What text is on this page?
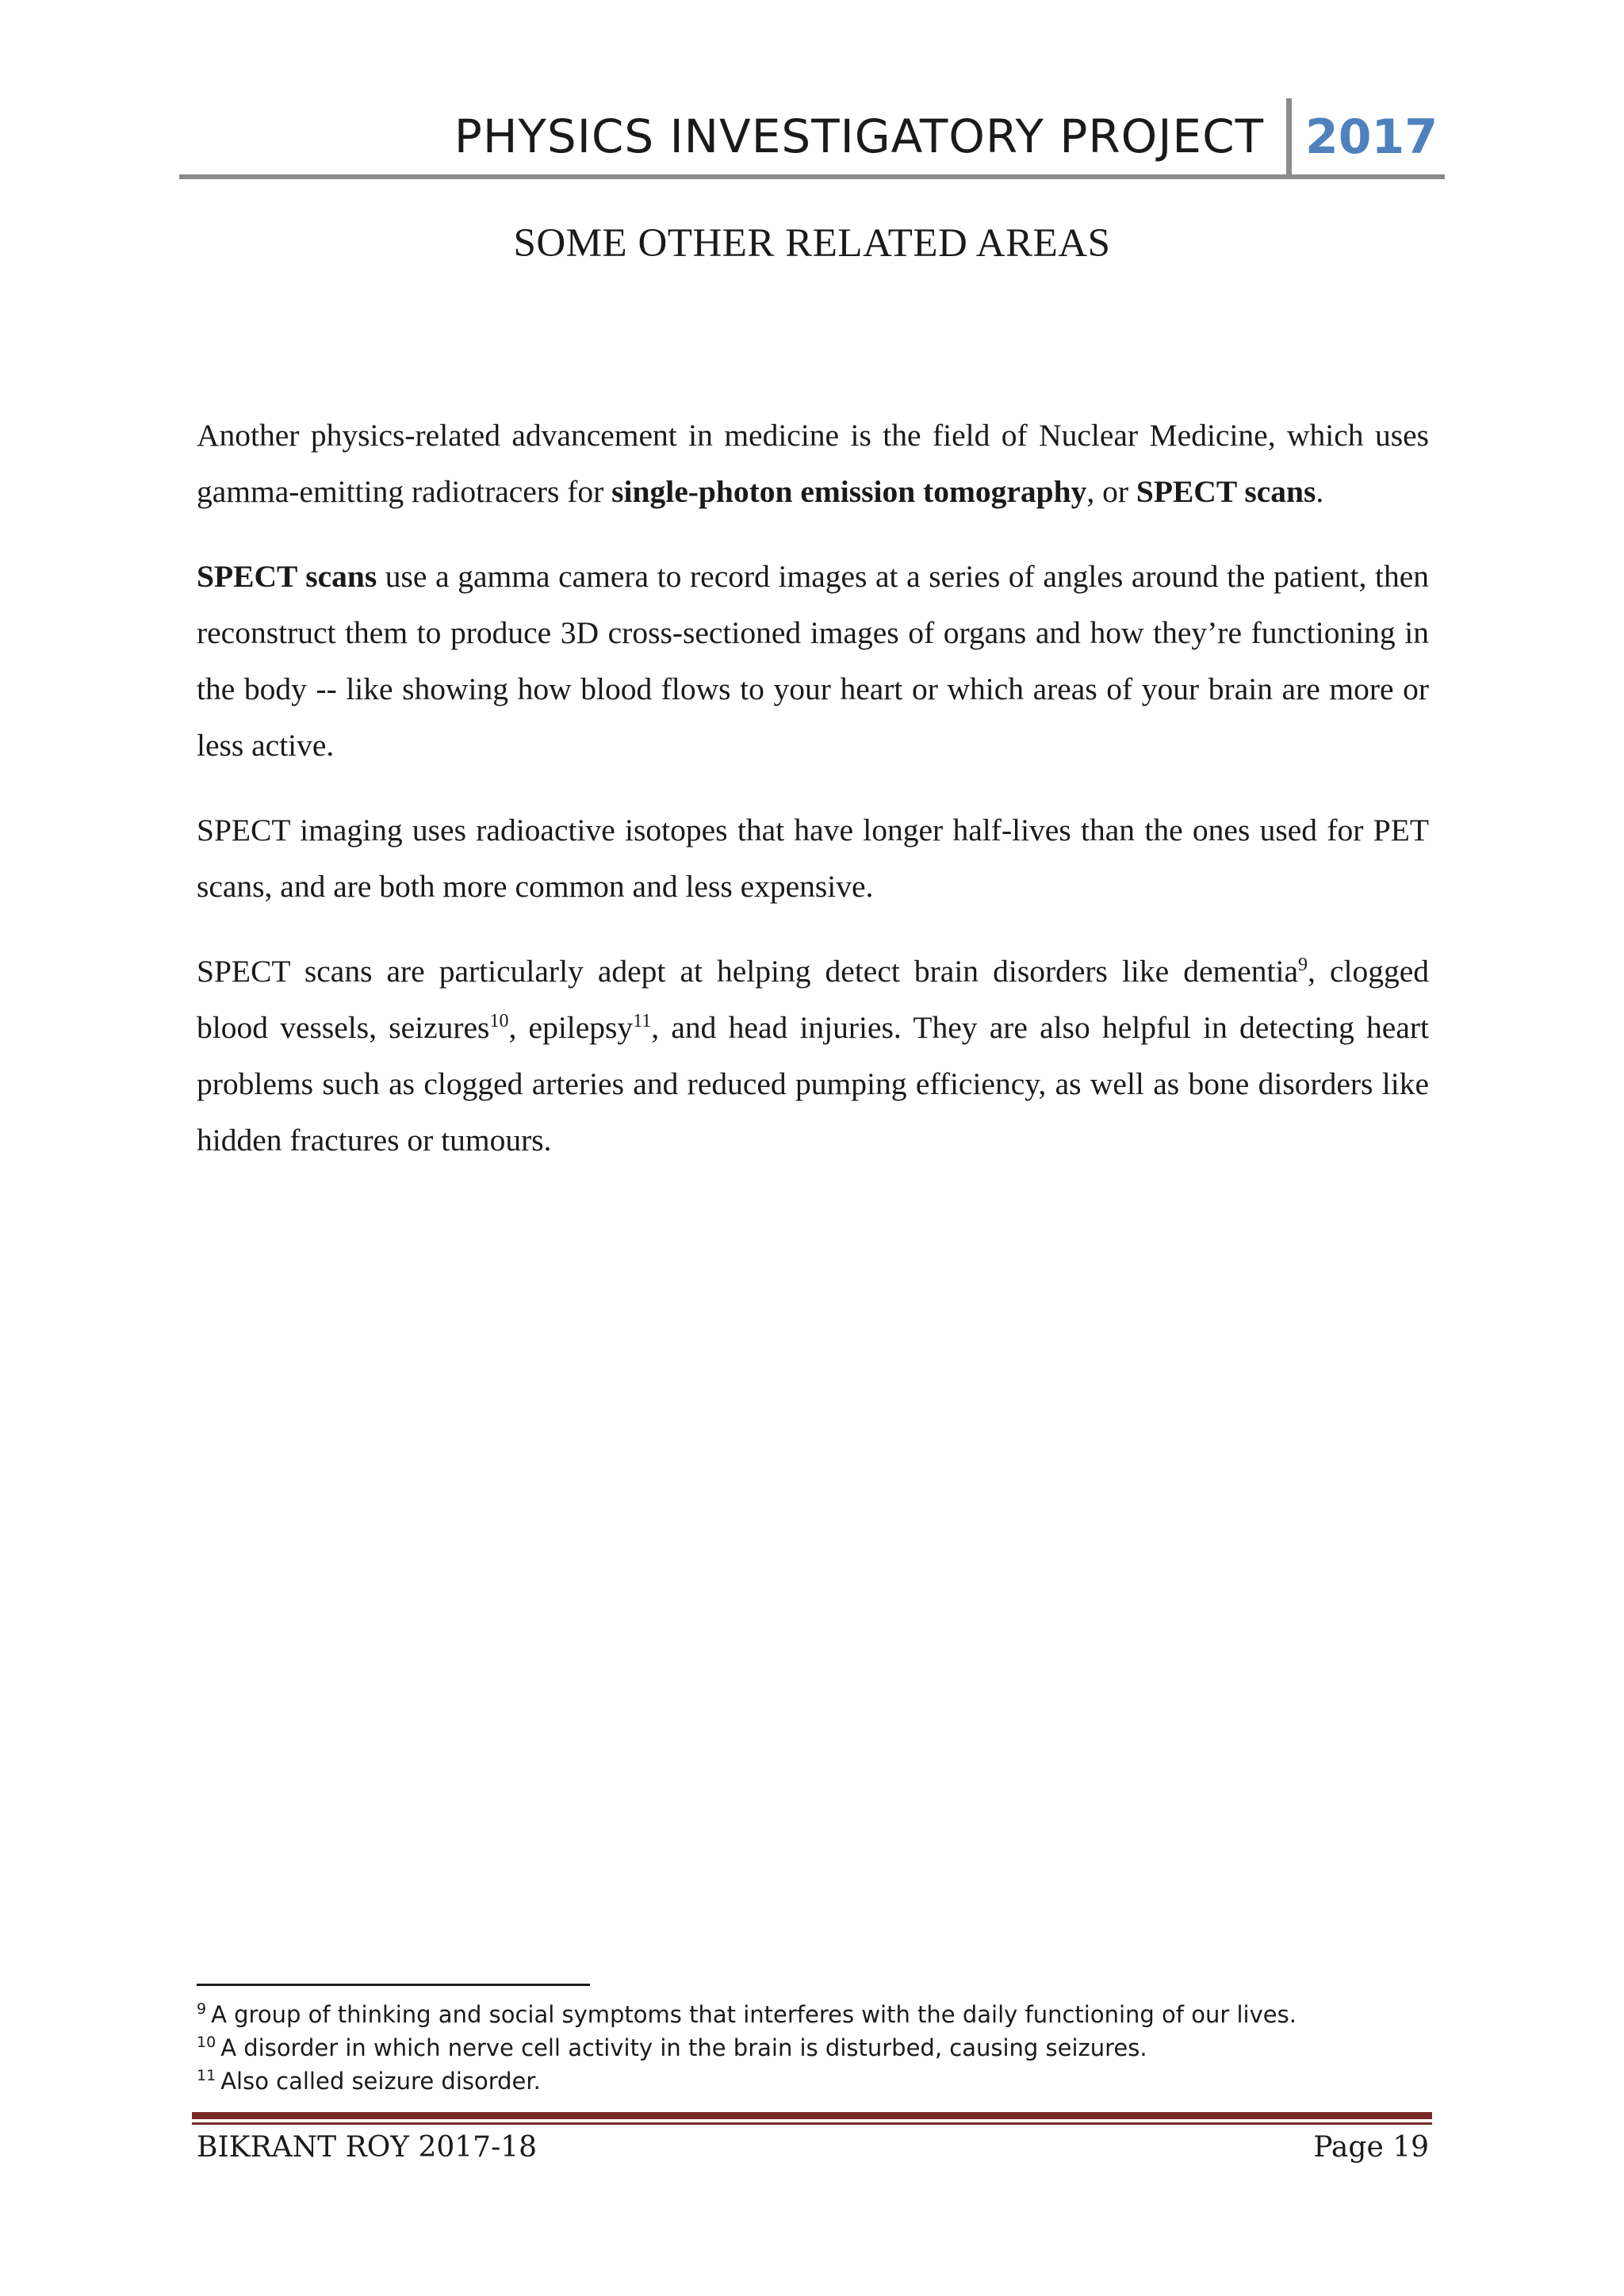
PHYSICS INVESTIGATORY PROJECT 2017
SOME OTHER RELATED AREAS

Another physics-related advancement in medicine is the field of Nuclear Medicine, which uses gamma-emitting radiotracers for single-photon emission tomography, or SPECT scans.

SPECT scans use a gamma camera to record images at a series of angles around the patient, then reconstruct them to produce 3D cross-sectioned images of organs and how they’re functioning in the body -- like showing how blood flows to your heart or which areas of your brain are more or less active.

SPECT imaging uses radioactive isotopes that have longer half-lives than the ones used for PET scans, and are both more common and less expensive.

SPECT scans are particularly adept at helping detect brain disorders like dementia$^9$, clogged blood vessels, seizures$^{10}$, epilepsy$^{11}$, and head injuries. They are also helpful in detecting heart problems such as clogged arteries and reduced pumping efficiency, as well as bone disorders like hidden fractures or tumours.

$^9$ A group of thinking and social symptoms that interferes with the daily functioning of our lives.
$^{10}$ A disorder in which nerve cell activity in the brain is disturbed, causing seizures.
$^{11}$ Also called seizure disorder.
BIKRANT ROY 2017-18	Page 19
